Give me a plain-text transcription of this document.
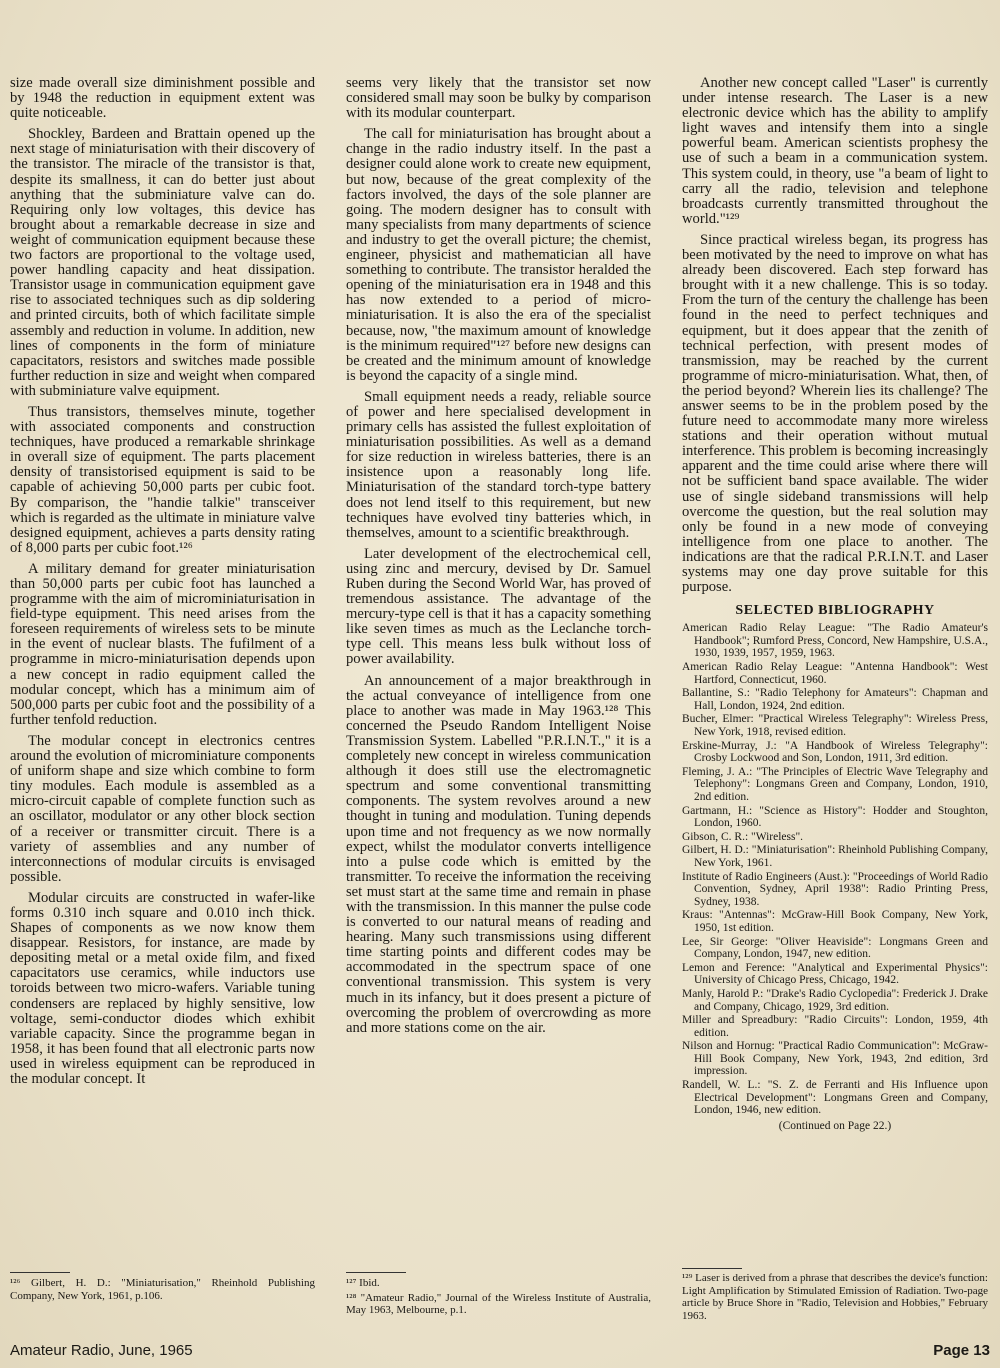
size made overall size diminishment possible and by 1948 the reduction in equipment extent was quite noticeable.

Shockley, Bardeen and Brattain opened up the next stage of miniaturisation with their discovery of the transistor. The miracle of the transistor is that, despite its smallness, it can do better just about anything that the subminiature valve can do. Requiring only low voltages, this device has brought about a remarkable decrease in size and weight of communication equipment because these two factors are proportional to the voltage used, power handling capacity and heat dissipation. Transistor usage in communication equipment gave rise to associated techniques such as dip soldering and printed circuits, both of which facilitate simple assembly and reduction in volume. In addition, new lines of components in the form of miniature capacitators, resistors and switches made possible further reduction in size and weight when compared with subminiature valve equipment.

Thus transistors, themselves minute, together with associated components and construction techniques, have produced a remarkable shrinkage in overall size of equipment. The parts placement density of transistorised equipment is said to be capable of achieving 50,000 parts per cubic foot. By comparison, the "handie talkie" transceiver which is regarded as the ultimate in miniature valve designed equipment, achieves a parts density rating of 8,000 parts per cubic foot.¹²⁶

A military demand for greater miniaturisation than 50,000 parts per cubic foot has launched a programme with the aim of microminiaturisation in field-type equipment. This need arises from the foreseen requirements of wireless sets to be minute in the event of nuclear blasts. The fufilment of a programme in micro-miniaturisation depends upon a new concept in radio equipment called the modular concept, which has a minimum aim of 500,000 parts per cubic foot and the possibility of a further tenfold reduction.

The modular concept in electronics centres around the evolution of microminiature components of uniform shape and size which combine to form tiny modules. Each module is assembled as a micro-circuit capable of complete function such as an oscillator, modulator or any other block section of a receiver or transmitter circuit. There is a variety of assemblies and any number of interconnections of modular circuits is envisaged possible.

Modular circuits are constructed in wafer-like forms 0.310 inch square and 0.010 inch thick. Shapes of components as we now know them disappear. Resistors, for instance, are made by depositing metal or a metal oxide film, and fixed capacitators use ceramics, while inductors use toroids between two micro-wafers. Variable tuning condensers are replaced by highly sensitive, low voltage, semi-conductor diodes which exhibit variable capacity. Since the programme began in 1958, it has been found that all electronic parts now used in wireless equipment can be reproduced in the modular concept. It

seems very likely that the transistor set now considered small may soon be bulky by comparison with its modular counterpart.

The call for miniaturisation has brought about a change in the radio industry itself. In the past a designer could alone work to create new equipment, but now, because of the great complexity of the factors involved, the days of the sole planner are going. The modern designer has to consult with many specialists from many departments of science and industry to get the overall picture; the chemist, engineer, physicist and mathematician all have something to contribute. The transistor heralded the opening of the miniaturisation era in 1948 and this has now extended to a period of micro-miniaturisation. It is also the era of the specialist because, now, "the maximum amount of knowledge is the minimum required"¹²⁷ before new designs can be created and the minimum amount of knowledge is beyond the capacity of a single mind.

Small equipment needs a ready, reliable source of power and here specialised development in primary cells has assisted the fullest exploitation of miniaturisation possibilities. As well as a demand for size reduction in wireless batteries, there is an insistence upon a reasonably long life. Miniaturisation of the standard torch-type battery does not lend itself to this requirement, but new techniques have evolved tiny batteries which, in themselves, amount to a scientific breakthrough.

Later development of the electrochemical cell, using zinc and mercury, devised by Dr. Samuel Ruben during the Second World War, has proved of tremendous assistance. The advantage of the mercury-type cell is that it has a capacity something like seven times as much as the Leclanche torch-type cell. This means less bulk without loss of power availability.

An announcement of a major breakthrough in the actual conveyance of intelligence from one place to another was made in May 1963.¹²⁸ This concerned the Pseudo Random Intelligent Noise Transmission System. Labelled "P.R.I.N.T.," it is a completely new concept in wireless communication although it does still use the electromagnetic spectrum and some conventional transmitting components. The system revolves around a new thought in tuning and modulation. Tuning depends upon time and not frequency as we now normally expect, whilst the modulator converts intelligence into a pulse code which is emitted by the transmitter. To receive the information the receiving set must start at the same time and remain in phase with the transmission. In this manner the pulse code is converted to our natural means of reading and hearing. Many such transmissions using different time starting points and different codes may be accommodated in the spectrum space of one conventional transmission. This system is very much in its infancy, but it does present a picture of overcoming the problem of overcrowding as more and more stations come on the air.

Another new concept called "Laser" is currently under intense research. The Laser is a new electronic device which has the ability to amplify light waves and intensify them into a single powerful beam. American scientists prophesy the use of such a beam in a communication system. This system could, in theory, use "a beam of light to carry all the radio, television and telephone broadcasts currently transmitted throughout the world."¹²⁹

Since practical wireless began, its progress has been motivated by the need to improve on what has already been discovered. Each step forward has brought with it a new challenge. This is so today. From the turn of the century the challenge has been found in the need to perfect techniques and equipment, but it does appear that the zenith of technical perfection, with present modes of transmission, may be reached by the current programme of micro-miniaturisation. What, then, of the period beyond? Wherein lies its challenge? The answer seems to be in the problem posed by the future need to accommodate many more wireless stations and their operation without mutual interference. This problem is becoming increasingly apparent and the time could arise where there will not be sufficient band space available. The wider use of single sideband transmissions will help overcome the question, but the real solution may only be found in a new mode of conveying intelligence from one place to another. The indications are that the radical P.R.I.N.T. and Laser systems may one day prove suitable for this purpose.

SELECTED BIBLIOGRAPHY

American Radio Relay League: "The Radio Amateur's Handbook"; Rumford Press, Concord, New Hampshire, U.S.A., 1930, 1939, 1957, 1959, 1963.

American Radio Relay League: "Antenna Handbook": West Hartford, Connecticut, 1960.

Ballantine, S.: "Radio Telephony for Amateurs": Chapman and Hall, London, 1924, 2nd edition.

Bucher, Elmer: "Practical Wireless Telegraphy": Wireless Press, New York, 1918, revised edition.

Erskine-Murray, J.: "A Handbook of Wireless Telegraphy": Crosby Lockwood and Son, London, 1911, 3rd edition.

Fleming, J. A.: "The Principles of Electric Wave Telegraphy and Telephony": Longmans Green and Company, London, 1910, 2nd edition.

Gartmann, H.: "Science as History": Hodder and Stoughton, London, 1960.

Gibson, C. R.: "Wireless".

Gilbert, H. D.: "Miniaturisation": Rheinhold Publishing Company, New York, 1961.

Institute of Radio Engineers (Aust.): "Proceedings of World Radio Convention, Sydney, April 1938": Radio Printing Press, Sydney, 1938.

Kraus: "Antennas": McGraw-Hill Book Company, New York, 1950, 1st edition.

Lee, Sir George: "Oliver Heaviside": Longmans Green and Company, London, 1947, new edition.

Lemon and Ference: "Analytical and Experimental Physics": University of Chicago Press, Chicago, 1942.

Manly, Harold P.: "Drake's Radio Cyclopedia": Frederick J. Drake and Company, Chicago, 1929, 3rd edition.

Miller and Spreadbury: "Radio Circuits": London, 1959, 4th edition.

Nilson and Hornug: "Practical Radio Communication": McGraw-Hill Book Company, New York, 1943, 2nd edition, 3rd impression.

Randell, W. L.: "S. Z. de Ferranti and His Influence upon Electrical Development": Longmans Green and Company, London, 1946, new edition.

(Continued on Page 22.)

¹²⁶ Gilbert, H. D.: "Miniaturisation," Rheinhold Publishing Company, New York, 1961, p.106.

¹²⁷ Ibid.

¹²⁸ "Amateur Radio," Journal of the Wireless Institute of Australia, May 1963, Melbourne, p.1.

¹²⁹ Laser is derived from a phrase that describes the device's function: Light Amplification by Stimulated Emission of Radiation. Two-page article by Bruce Shore in "Radio, Television and Hobbies," February 1963.

Amateur Radio, June, 1965	Page 13
